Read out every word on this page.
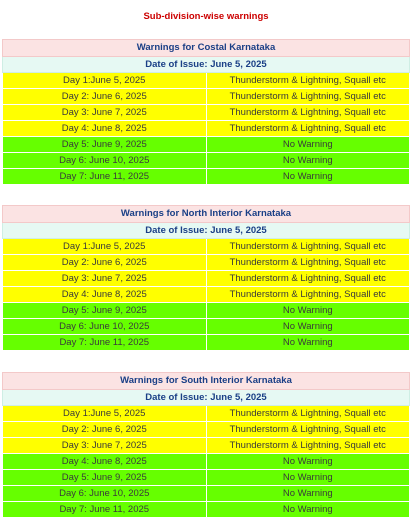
Sub-division-wise warnings
Warnings for Costal Karnataka	
Date of Issue: June 5, 2025	
Day 1:June 5, 2025	Thunderstorm & Lightning, Squall etc
Day 2: June 6, 2025	Thunderstorm & Lightning, Squall etc
Day 3: June 7, 2025	Thunderstorm & Lightning, Squall etc
Day 4: June 8, 2025	Thunderstorm & Lightning, Squall etc
Day 5: June 9, 2025	No Warning
Day 6: June 10, 2025	No Warning
Day 7: June 11, 2025	No Warning
Warnings for North Interior Karnataka	
Date of Issue: June 5, 2025	
Day 1:June 5, 2025	Thunderstorm & Lightning, Squall etc
Day 2: June 6, 2025	Thunderstorm & Lightning, Squall etc
Day 3: June 7, 2025	Thunderstorm & Lightning, Squall etc
Day 4: June 8, 2025	Thunderstorm & Lightning, Squall etc
Day 5: June 9, 2025	No Warning
Day 6: June 10, 2025	No Warning
Day 7: June 11, 2025	No Warning
Warnings for South Interior Karnataka	
Date of Issue: June 5, 2025	
Day 1:June 5, 2025	Thunderstorm & Lightning, Squall etc
Day 2: June 6, 2025	Thunderstorm & Lightning, Squall etc
Day 3: June 7, 2025	Thunderstorm & Lightning, Squall etc
Day 4: June 8, 2025	No Warning
Day 5: June 9, 2025	No Warning
Day 6: June 10, 2025	No Warning
Day 7: June 11, 2025	No Warning
